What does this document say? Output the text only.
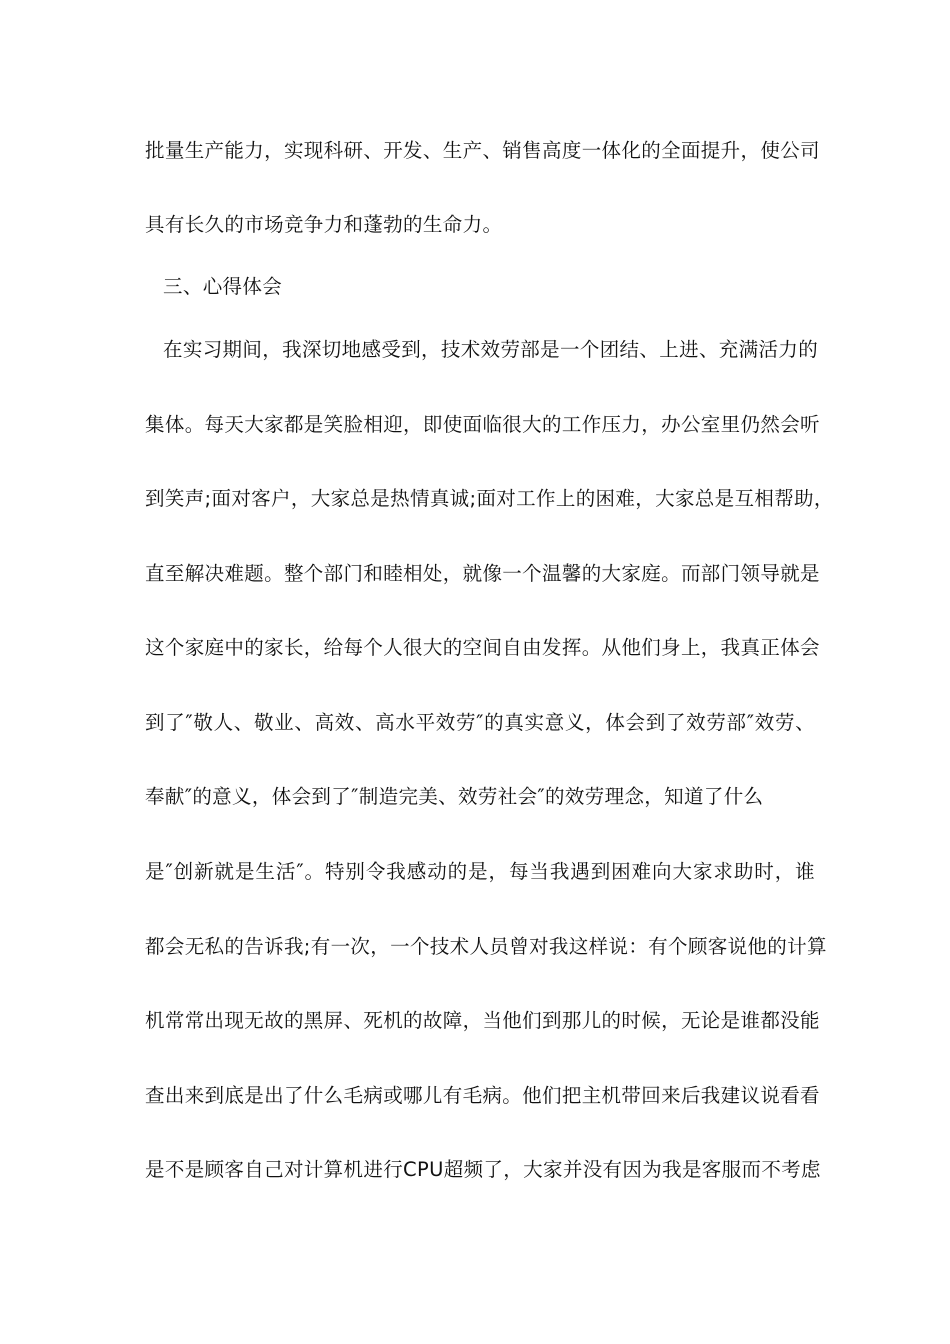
批量生产能力，实现科研、开发、生产、销售高度一体化的全面提升，使公司
具有长久的市场竞争力和蓬勃的生命力。
三、心得体会
在实习期间，我深切地感受到，技术效劳部是一个团结、上进、充满活力的
集体。每天大家都是笑脸相迎，即使面临很大的工作压力，办公室里仍然会听
到笑声;面对客户，大家总是热情真诚;面对工作上的困难，大家总是互相帮助，
直至解决难题。整个部门和睦相处，就像一个温馨的大家庭。而部门领导就是
这个家庭中的家长，给每个人很大的空间自由发挥。从他们身上，我真正体会
到了″敬人、敬业、高效、高水平效劳″的真实意义，体会到了效劳部″效劳、
奉献″的意义，体会到了″制造完美、效劳社会″的效劳理念，知道了什么
是″创新就是生活″。特别令我感动的是，每当我遇到困难向大家求助时，谁
都会无私的告诉我;有一次，一个技术人员曾对我这样说：有个顾客说他的计算
机常常出现无故的黑屏、死机的故障，当他们到那儿的时候，无论是谁都没能
查出来到底是出了什么毛病或哪儿有毛病。他们把主机带回来后我建议说看看
是不是顾客自己对计算机进行CPU超频了，大家并没有因为我是客服而不考虑
